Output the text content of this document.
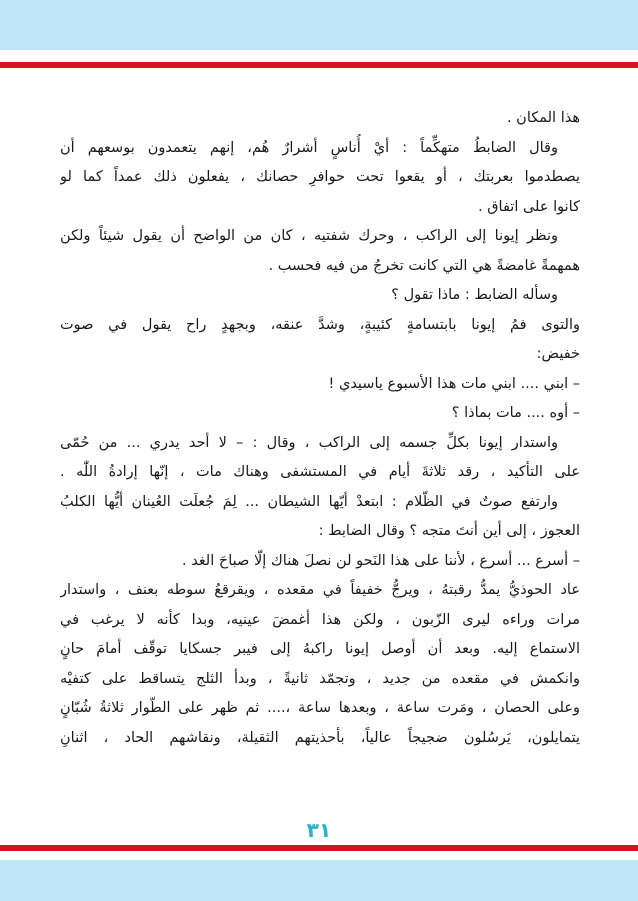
هذا المكان .
وقال الضابطُ متهكِّماً : أيْ أُناسٍ أشرارٌ هُم، إنهم يتعمدون بوسعهم أن
يصطدموا بعربتك ، أو يقعوا تحت حوافرِ حصانك ، يفعلون ذلك عمداً كما لو
كانوا على اتفاق .
ونظر إيونا إلى الراكب ، وحرك شفتيه ، كان من الواضح أن يقول شيئاً ولكن
همهمةً غامضةً هي التي كانت تخرجُ من فيه فحسب .
وسأله الضابط : ماذا تقول ؟
والتوى فمُ إيونا بابتسامةٍ كئيبةٍ، وشدَّ عنقه، وبجهدٍ راح يقول في صوت
خفيض:
– ابني .... ابني مات هذا الأسبوع ياسيدي !
– أوه .... مات بماذا ؟
واستدار إيونا بكلِّ جسمه إلى الراكب ، وقال : – لا أحد يدري ... من حُمّى
على التأكيد ، رقد ثلاثةَ أيام في المستشفى وهناك مات ، إنّها إرادةُ اللّٰه .
وارتفع صوتٌ في الظّلام : ابتعدْ أيّها الشيطان ... لِمَ جُعلَت العُينان أيُّها الكلبُ
العجوز ، إلى أين أنتَ متجه ؟ وقال الضابط :
– أسرع ... أسرع ، لأننا على هذا النَحو لن نصلَ هناك إلّا صباحَ الغد .
عاد الحوذيُّ يمدُّ رقبتهُ ، ويرجُّ خفيفاً في مقعده ، ويقرقعُ سوطه بعنف ، واستدار
مرات وراءه ليرى الزّبون ، ولكن هذا أغمضَ عينيه، وبدا كأنه لا يرغب في
الاستماع إليه. وبعد أن أوصل إيونا راكبهُ إلى فيبر جسكايا توقّف أمامَ حانٍ
وانكمش في مقعده من جديد ، وتجمّد ثانيةً ، وبدأ الثلج يتساقط على كتفيْه
وعلى الحصان ، ومَرت ساعة ، وبعدها ساعة ،.... ثم ظهر على الطّوار ثلاثةُ شُبّانٍ
يتمايلون، يَرسُلون ضجيجاً عالياً، بأحذيتهم الثقيلة، ونقاشهم الحاد ، اثنانِ
٣١
